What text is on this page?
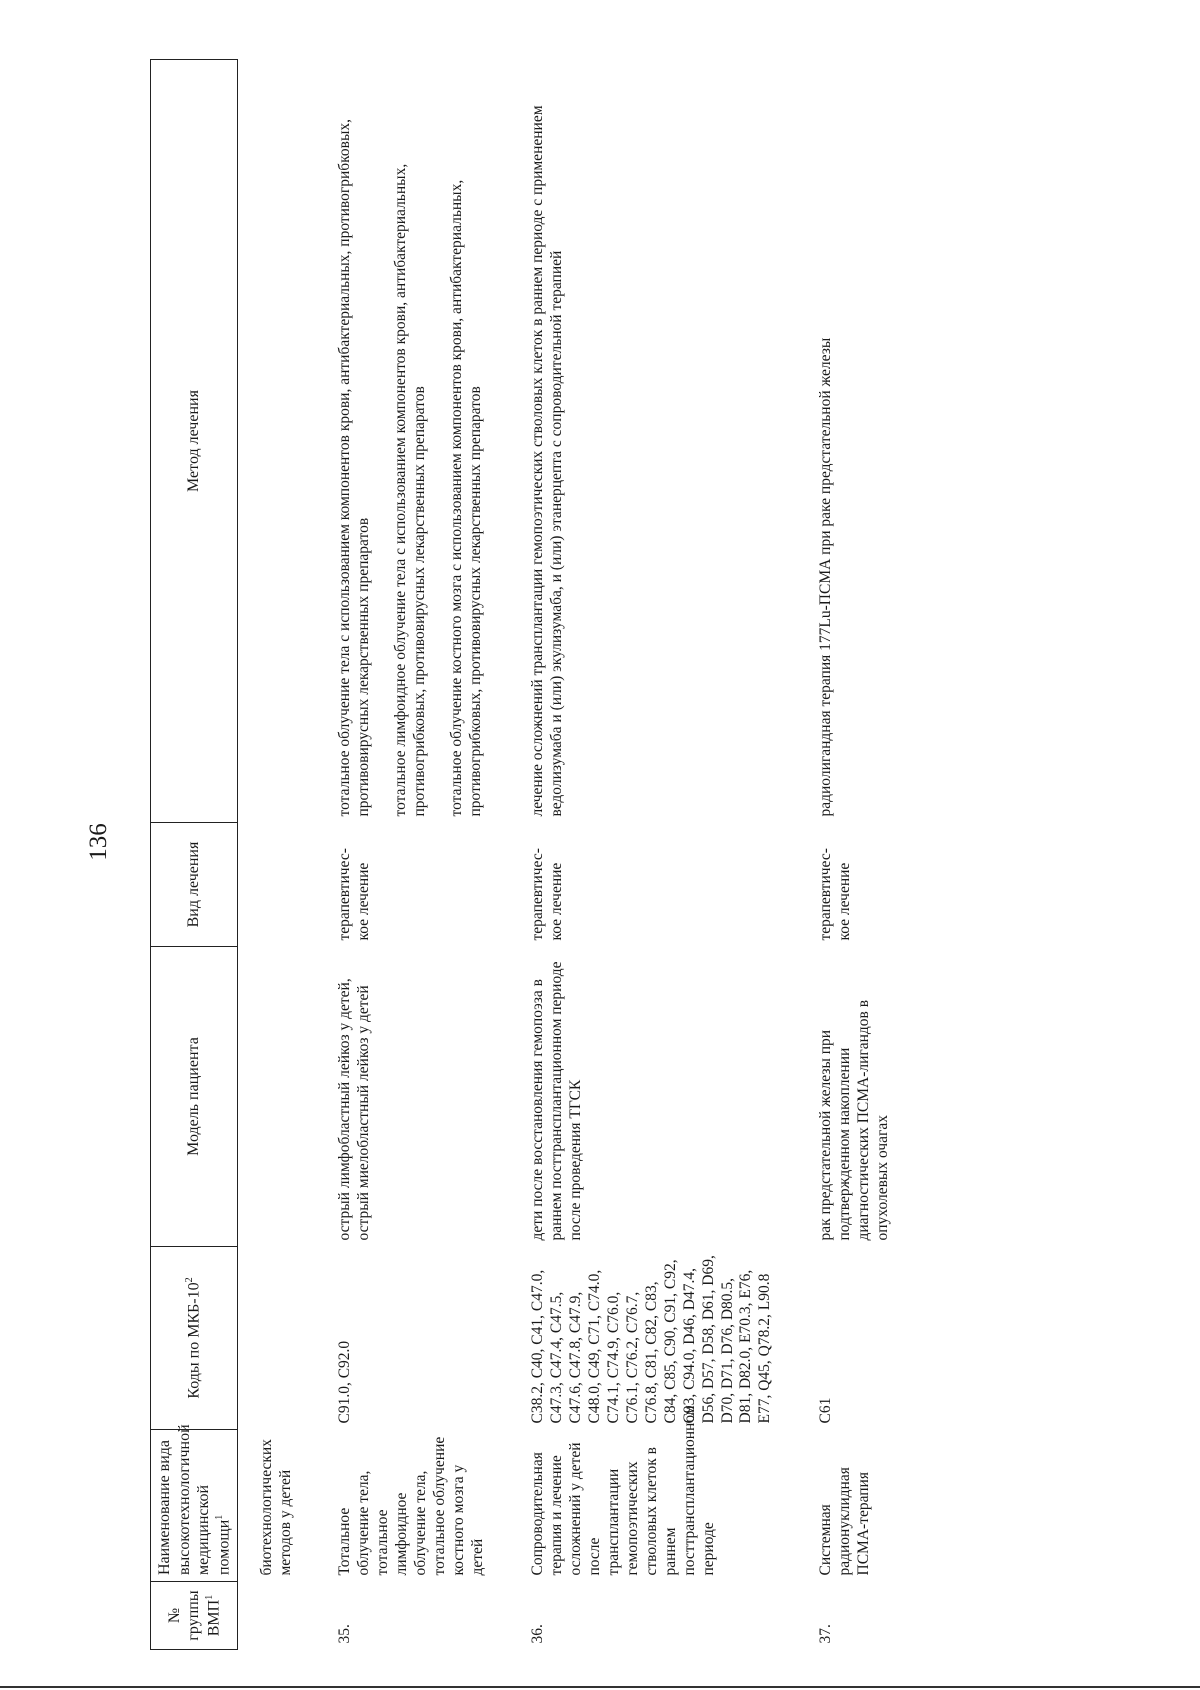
136
№ группы ВМП$^1$	Наименование вида высокотехнологичной медицинской помощи$^1$	Коды по МКБ-$10^2$	Модель пациента	Вид лечения	Метод лечения
	биотехнологических методов у детей				
35.	Тотальное облучение тела, тотальное лимфоидное облучение тела, тотальное облучение костного мозга у детей	C91.0, C92.0	острый лимфобластный лейкоз у детей, острый миелобластный лейкоз у детей	терапевтичес-кое лечение	тотальное облучение тела с использованием компонентов крови, антибактериальных, противогрибковых, противовирусных лекарственных препаратов тотальное лимфоидное облучение тела с использованием компонентов крови, антибактериальных, противогрибковых, противовирусных лекарственных препаратов тотальное облучение костного мозга с использованием компонентов крови, антибактериальных, противогрибковых, противовирусных лекарственных препаратов

36.	Сопроводительная терапия и лечение осложнений у детей после трансплантации гемопоэтических стволовых клеток в раннем посттрансплантационном периоде	C38.2, C40, C41, C47.0, C47.3, C47.4, C47.5, C47.6, C47.8, C47.9, C48.0, C49, C71, C74.0, C74.1, C74.9, C76.0, C76.1, C76.2, C76.7, C76.8, C81, C82, C83, C84, C85, C90, C91, C92, C93, C94.0, D46, D47.4, D56, D57, D58, D61, D69, D70, D71, D76, D80.5, D81, D82.0, E70.3, E76, E77, Q45, Q78.2, L90.8	дети после восстановления гемопоэза в раннем посттрансплантационном периоде после проведения ТГСК	терапевтичес-кое лечение	лечение осложнений трансплантации гемопоэтических стволовых клеток в раннем периоде с применением ведолизумаба и (или) экулизумаба, и (или) этанерцепта с сопроводительной терапией

37.	Системная радионуклидная ПСМА-терапия	C61	рак предстательной железы при подтвержденном накоплении диагностических ПСМА-лигандов в опухолевых очагах	терапевтичес-кое лечение	радиолигандная терапия 177Lu-ПСМА при раке предстательной железы
